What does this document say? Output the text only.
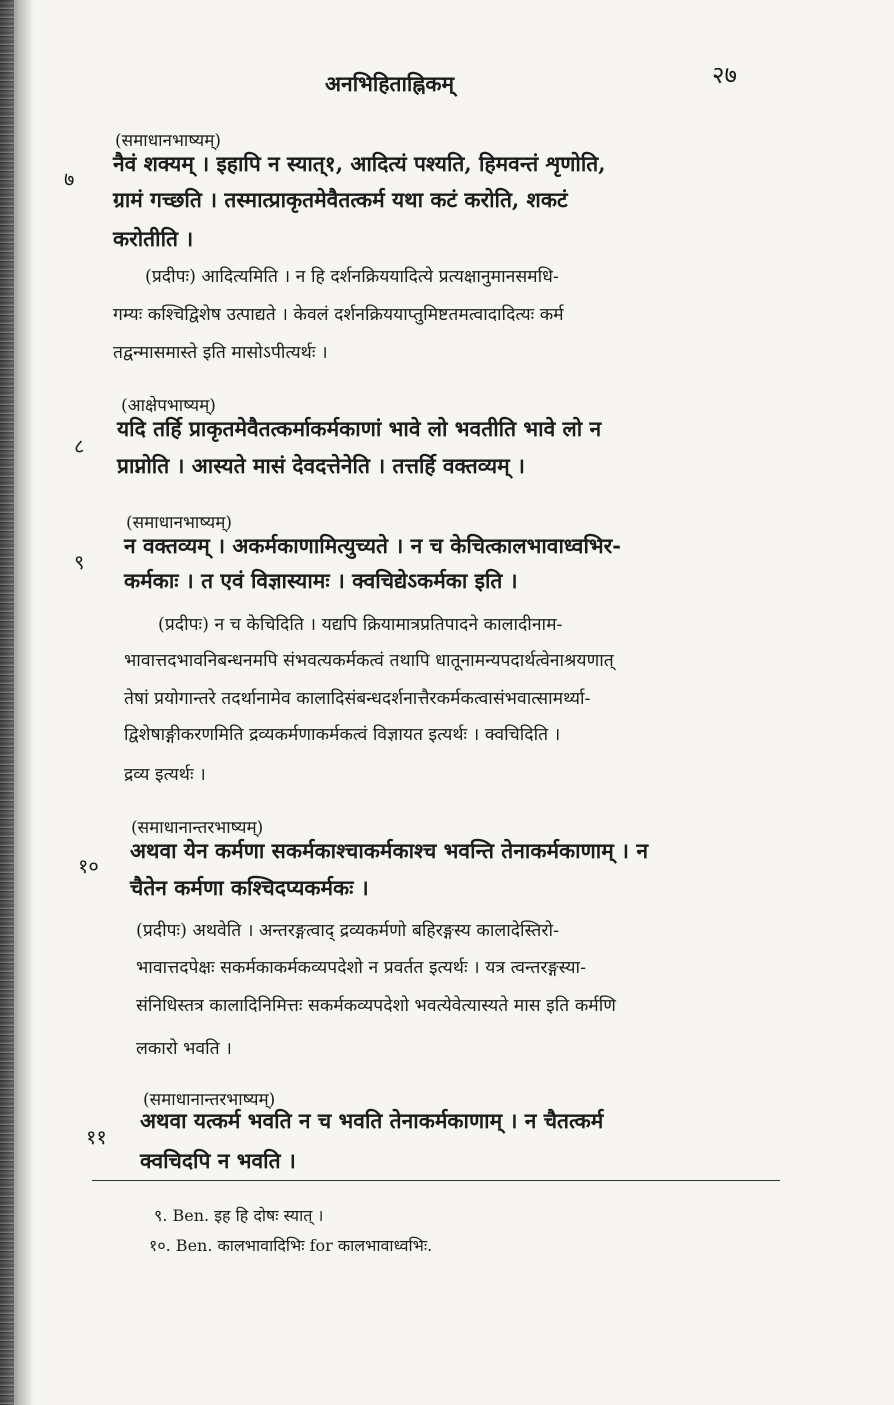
अनभिहिताह्निकम्	२७
(समाधानभाष्यम्)
७
नैवं शक्यम् । इहापि न स्यात्१, आदित्यं पश्यति, हिमवन्तं शृणोति,
ग्रामं गच्छति । तस्मात्प्राकृतमेवैतत्कर्म यथा कटं करोति, शकटं
करोतीति ।
(प्रदीपः) आदित्यमिति । न हि दर्शनक्रिययादित्ये प्रत्यक्षानुमानसमधि-
गम्यः कश्चिद्विशेष उत्पाद्यते । केवलं दर्शनक्रिययाप्तुमिष्टतमत्वादादित्यः कर्म
तद्वन्मासमास्ते इति मासोऽपीत्यर्थः ।
(आक्षेपभाष्यम्)
८
यदि तर्हि प्राकृतमेवैतत्कर्माकर्मकाणां भावे लो भवतीति भावे लो न
प्राप्नोति । आस्यते मासं देवदत्तेनेति । तत्तर्हि वक्तव्यम् ।
(समाधानभाष्यम्)
९
न वक्तव्यम् । अकर्मकाणामित्युच्यते । न च केचित्कालभावाध्वभिर-
कर्मकाः । त एवं विज्ञास्यामः । क्वचिद्येऽकर्मका इति ।
(प्रदीपः) न च केचिदिति । यद्यपि क्रियामात्रप्रतिपादने कालादीनाम-
भावात्तदभावनिबन्धनमपि संभवत्यकर्मकत्वं तथापि धातूनामन्यपदार्थत्वेनाश्रयणात्
तेषां प्रयोगान्तरे तदर्थानामेव कालादिसंबन्धदर्शनात्तैरकर्मकत्वासंभवात्सामर्थ्या-
द्विशेषाङ्गीकरणमिति द्रव्यकर्मणाकर्मकत्वं विज्ञायत इत्यर्थः । क्वचिदिति ।
द्रव्य इत्यर्थः ।
(समाधानान्तरभाष्यम्)
१०
अथवा येन कर्मणा सकर्मकाश्चाकर्मकाश्च भवन्ति तेनाकर्मकाणाम् । न
चैतेन कर्मणा कश्चिदप्यकर्मकः ।
(प्रदीपः) अथवेति । अन्तरङ्गत्वाद् द्रव्यकर्मणो बहिरङ्गस्य कालादेस्तिरो-
भावात्तदपेक्षः सकर्मकाकर्मकव्यपदेशो न प्रवर्तत इत्यर्थः । यत्र त्वन्तरङ्गस्या-
संनिधिस्तत्र कालादिनिमित्तः सकर्मकव्यपदेशो भवत्येवेत्यास्यते मास इति कर्मणि
लकारो भवति ।
(समाधानान्तरभाष्यम्)
११
अथवा यत्कर्म भवति न च भवति तेनाकर्मकाणाम् । न चैतत्कर्म
क्वचिदपि न भवति ।
९. Ben. इह हि दोषः स्यात् ।
१०. Ben. कालभावादिभिः for कालभावाध्वभिः.
